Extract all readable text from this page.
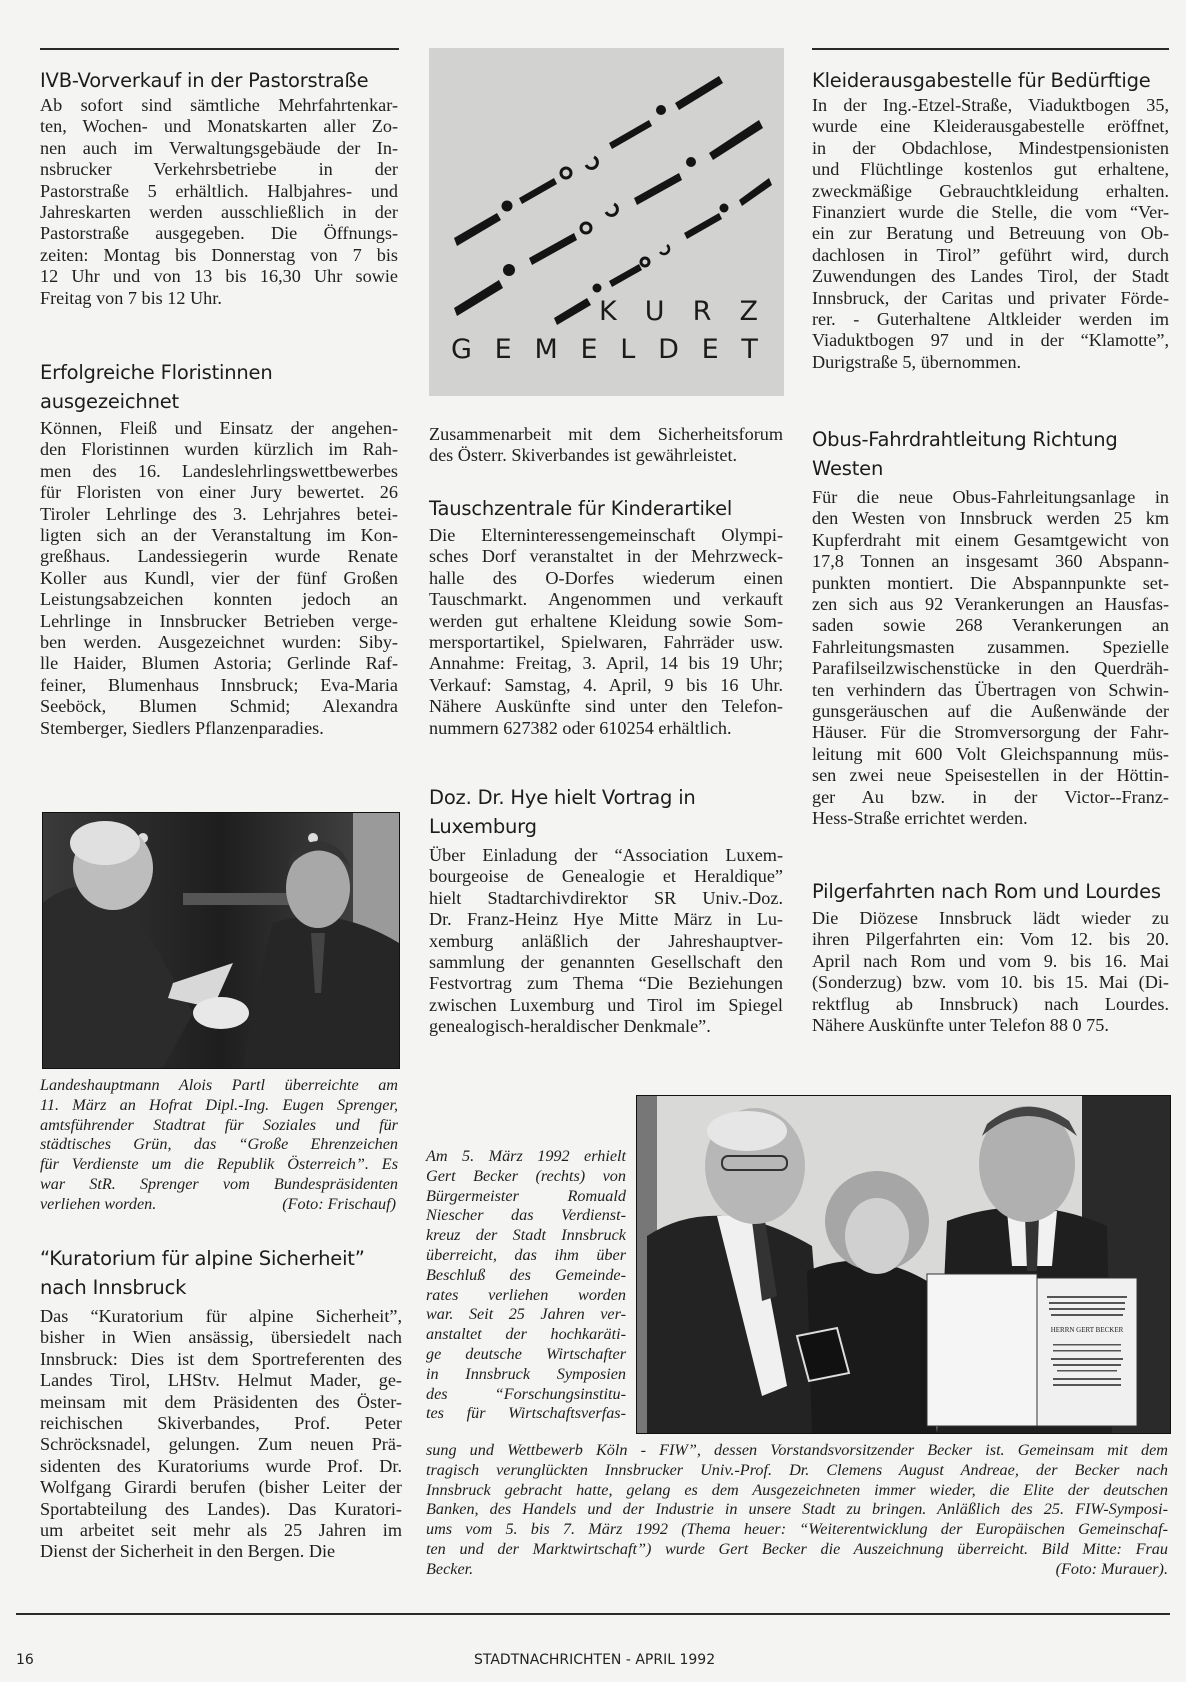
IVB-Vorverkauf in der Pastorstraße
Ab sofort sind sämtliche Mehrfahrtenkar-
ten, Wochen- und Monatskarten aller Zo-
nen auch im Verwaltungsgebäude der In-
nsbrucker Verkehrsbetriebe in der
Pastorstraße 5 erhältlich. Halbjahres- und
Jahreskarten werden ausschließlich in der
Pastorstraße ausgegeben. Die Öffnungs-
zeiten: Montag bis Donnerstag von 7 bis
12 Uhr und von 13 bis 16,30 Uhr sowie
Freitag von 7 bis 12 Uhr.
Erfolgreiche Floristinnen
ausgezeichnet
Können, Fleiß und Einsatz der angehen-
den Floristinnen wurden kürzlich im Rah-
men des 16. Landeslehrlingswettbewerbes
für Floristen von einer Jury bewertet. 26
Tiroler Lehrlinge des 3. Lehrjahres betei-
ligten sich an der Veranstaltung im Kon-
greßhaus. Landessiegerin wurde Renate
Koller aus Kundl, vier der fünf Großen
Leistungsabzeichen konnten jedoch an
Lehrlinge in Innsbrucker Betrieben verge-
ben werden. Ausgezeichnet wurden: Siby-
lle Haider, Blumen Astoria; Gerlinde Raf-
feiner, Blumenhaus Innsbruck; Eva-Maria
Seeböck, Blumen Schmid; Alexandra
Stemberger, Siedlers Pflanzenparadies.
Landeshauptmann Alois Partl überreichte am
11. März an Hofrat Dipl.-Ing. Eugen Sprenger,
amtsführender Stadtrat für Soziales und für
städtisches Grün, das “Große Ehrenzeichen
für Verdienste um die Republik Österreich”. Es
war StR. Sprenger vom Bundespräsidenten
verliehen worden.	(Foto: Frischauf)
“Kuratorium für alpine Sicherheit”
nach Innsbruck
Das “Kuratorium für alpine Sicherheit”,
bisher in Wien ansässig, übersiedelt nach
Innsbruck: Dies ist dem Sportreferenten des
Landes Tirol, LHStv. Helmut Mader, ge-
meinsam mit dem Präsidenten des Öster-
reichischen Skiverbandes, Prof. Peter
Schröcksnadel, gelungen. Zum neuen Prä-
sidenten des Kuratoriums wurde Prof. Dr.
Wolfgang Girardi berufen (bisher Leiter der
Sportabteilung des Landes). Das Kuratori-
um arbeitet seit mehr als 25 Jahren im
Dienst der Sicherheit in den Bergen. Die
K U R Z
G E M E L D E T
Zusammenarbeit mit dem Sicherheitsforum
des Österr. Skiverbandes ist gewährleistet.
Tauschzentrale für Kinderartikel
Die Elterninteressengemeinschaft Olympi-
sches Dorf veranstaltet in der Mehrzweck-
halle des O-Dorfes wiederum einen
Tauschmarkt. Angenommen und verkauft
werden gut erhaltene Kleidung sowie Som-
mersportartikel, Spielwaren, Fahrräder usw.
Annahme: Freitag, 3. April, 14 bis 19 Uhr;
Verkauf: Samstag, 4. April, 9 bis 16 Uhr.
Nähere Auskünfte sind unter den Telefon-
nummern 627382 oder 610254 erhältlich.
Doz. Dr. Hye hielt Vortrag in
Luxemburg
Über Einladung der “Association Luxem-
bourgeoise de Genealogie et Heraldique”
hielt Stadtarchivdirektor SR Univ.-Doz.
Dr. Franz-Heinz Hye Mitte März in Lu-
xemburg anläßlich der Jahreshauptver-
sammlung der genannten Gesellschaft den
Festvortrag zum Thema “Die Beziehungen
zwischen Luxemburg und Tirol im Spiegel
genealogisch-heraldischer Denkmale”.
Kleiderausgabestelle für Bedürftige
In der Ing.-Etzel-Straße, Viaduktbogen 35,
wurde eine Kleiderausgabestelle eröffnet,
in der Obdachlose, Mindestpensionisten
und Flüchtlinge kostenlos gut erhaltene,
zweckmäßige Gebrauchtkleidung erhalten.
Finanziert wurde die Stelle, die vom “Ver-
ein zur Beratung und Betreuung von Ob-
dachlosen in Tirol” geführt wird, durch
Zuwendungen des Landes Tirol, der Stadt
Innsbruck, der Caritas und privater Förde-
rer. - Guterhaltene Altkleider werden im
Viaduktbogen 97 und in der “Klamotte”,
Durigstraße 5, übernommen.
Obus-Fahrdrahtleitung Richtung
Westen
Für die neue Obus-Fahrleitungsanlage in
den Westen von Innsbruck werden 25 km
Kupferdraht mit einem Gesamtgewicht von
17,8 Tonnen an insgesamt 360 Abspann-
punkten montiert. Die Abspannpunkte set-
zen sich aus 92 Verankerungen an Hausfas-
saden sowie 268 Verankerungen an
Fahrleitungsmasten zusammen. Spezielle
Parafilseilzwischenstücke in den Querdräh-
ten verhindern das Übertragen von Schwin-
gunsgeräuschen auf die Außenwände der
Häuser. Für die Stromversorgung der Fahr-
leitung mit 600 Volt Gleichspannung müs-
sen zwei neue Speisestellen in der Höttin-
ger Au bzw. in der Victor--Franz-
Hess-Straße errichtet werden.
Pilgerfahrten nach Rom und Lourdes
Die Diözese Innsbruck lädt wieder zu
ihren Pilgerfahrten ein: Vom 12. bis 20.
April nach Rom und vom 9. bis 16. Mai
(Sonderzug) bzw. vom 10. bis 15. Mai (Di-
rektflug ab Innsbruck) nach Lourdes.
Nähere Auskünfte unter Telefon 88 0 75.
HERRN GERT BECKER
Am 5. März 1992 erhielt
Gert Becker (rechts) von
Bürgermeister Romuald
Niescher das Verdienst-
kreuz der Stadt Innsbruck
überreicht, das ihm über
Beschluß des Gemeinde-
rates verliehen worden
war. Seit 25 Jahren ver-
anstaltet der hochkaräti-
ge deutsche Wirtschafter
in Innsbruck Symposien
des “Forschungsinstitu-
tes für Wirtschaftsverfas-
sung und Wettbewerb Köln - FIW”, dessen Vorstandsvorsitzender Becker ist. Gemeinsam mit dem
tragisch verunglückten Innsbrucker Univ.-Prof. Dr. Clemens August Andreae, der Becker nach
Innsbruck gebracht hatte, gelang es dem Ausgezeichneten immer wieder, die Elite der deutschen
Banken, des Handels und der Industrie in unsere Stadt zu bringen. Anläßlich des 25. FIW-Symposi-
ums vom 5. bis 7. März 1992 (Thema heuer: “Weiterentwicklung der Europäischen Gemeinschaf-
ten und der Marktwirtschaft”) wurde Gert Becker die Auszeichnung überreicht. Bild Mitte: Frau
Becker.	(Foto: Murauer).
16	STADTNACHRICHTEN - APRIL 1992
